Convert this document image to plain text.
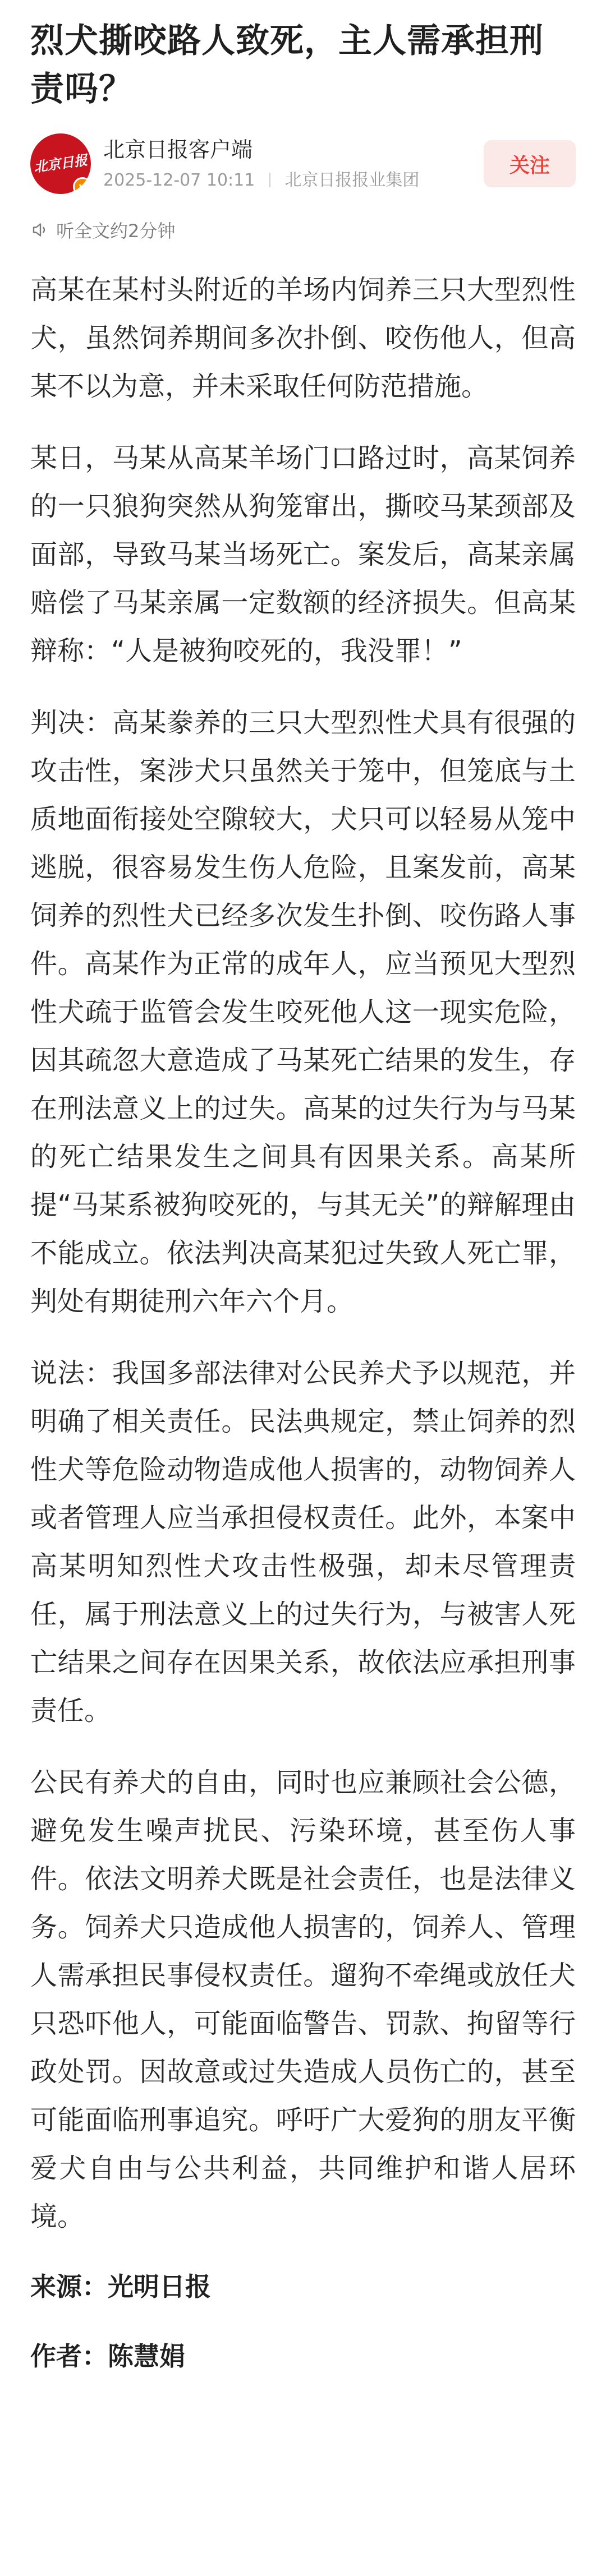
烈犬撕咬路人致死，主人需承担刑责吗？
北京日报
v
北京日报客户端
2025-12-07 10:11 北京日报报业集团
关注
听全文约2分钟

高某在某村头附近的羊场内饲养三只大型烈性犬，虽然饲养期间多次扑倒、咬伤他人，但高某不以为意，并未采取任何防范措施。

某日，马某从高某羊场门口路过时，高某饲养的一只狼狗突然从狗笼窜出，撕咬马某颈部及面部，导致马某当场死亡。案发后，高某亲属赔偿了马某亲属一定数额的经济损失。但高某辩称：“人是被狗咬死的，我没罪！”

判决：高某豢养的三只大型烈性犬具有很强的攻击性，案涉犬只虽然关于笼中，但笼底与土质地面衔接处空隙较大，犬只可以轻易从笼中逃脱，很容易发生伤人危险，且案发前，高某饲养的烈性犬已经多次发生扑倒、咬伤路人事件。高某作为正常的成年人，应当预见大型烈性犬疏于监管会发生咬死他人这一现实危险，因其疏忽大意造成了马某死亡结果的发生，存在刑法意义上的过失。高某的过失行为与马某的死亡结果发生之间具有因果关系。高某所提“马某系被狗咬死的，与其无关”的辩解理由不能成立。依法判决高某犯过失致人死亡罪，判处有期徒刑六年六个月。

说法：我国多部法律对公民养犬予以规范，并明确了相关责任。民法典规定，禁止饲养的烈性犬等危险动物造成他人损害的，动物饲养人或者管理人应当承担侵权责任。此外，本案中高某明知烈性犬攻击性极强，却未尽管理责任，属于刑法意义上的过失行为，与被害人死亡结果之间存在因果关系，故依法应承担刑事责任。

公民有养犬的自由，同时也应兼顾社会公德，避免发生噪声扰民、污染环境，甚至伤人事件。依法文明养犬既是社会责任，也是法律义务。饲养犬只造成他人损害的，饲养人、管理人需承担民事侵权责任。遛狗不牵绳或放任犬只恐吓他人，可能面临警告、罚款、拘留等行政处罚。因故意或过失造成人员伤亡的，甚至可能面临刑事追究。呼吁广大爱狗的朋友平衡爱犬自由与公共利益，共同维护和谐人居环境。

来源：光明日报

作者：陈慧娟
